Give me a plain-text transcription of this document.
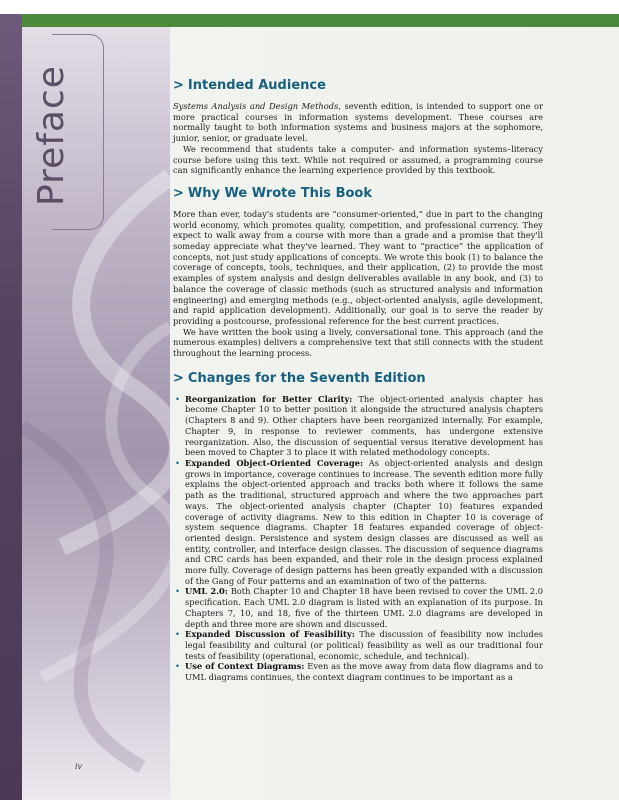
Preface
iv
> Intended Audience

Systems Analysis and Design Methods, seventh edition, is intended to support one or more practical courses in information systems development. These courses are normally taught to both information systems and business majors at the sophomore, junior, senior, or graduate level.

We recommend that students take a computer- and information systems–literacy course before using this text. While not required or assumed, a programming course can significantly enhance the learning experience provided by this textbook.

> Why We Wrote This Book

More than ever, today's students are “consumer-oriented,” due in part to the changing world economy, which promotes quality, competition, and professional currency. They expect to walk away from a course with more than a grade and a promise that they'll someday appreciate what they've learned. They want to “practice” the application of concepts, not just study applications of concepts. We wrote this book (1) to balance the coverage of concepts, tools, techniques, and their application, (2) to provide the most examples of system analysis and design deliverables available in any book, and (3) to balance the coverage of classic methods (such as structured analysis and information engineering) and emerging methods (e.g., object-oriented analysis, agile development, and rapid application development). Additionally, our goal is to serve the reader by providing a postcourse, professional reference for the best current practices.

We have written the book using a lively, conversational tone. This approach (and the numerous examples) delivers a comprehensive text that still connects with the student throughout the learning process.

> Changes for the Seventh Edition
• Reorganization for Better Clarity: The object-oriented analysis chapter has become Chapter 10 to better position it alongside the structured analysis chapters (Chapters 8 and 9). Other chapters have been reorganized internally. For example, Chapter 9, in response to reviewer comments, has undergone extensive reorganization. Also, the discussion of sequential versus iterative development has been moved to Chapter 3 to place it with related methodology concepts.
• Expanded Object-Oriented Coverage: As object-oriented analysis and design grows in importance, coverage continues to increase. The seventh edition more fully explains the object-oriented approach and tracks both where it follows the same path as the traditional, structured approach and where the two approaches part ways. The object-oriented analysis chapter (Chapter 10) features expanded coverage of activity diagrams. New to this edition in Chapter 10 is coverage of system sequence diagrams. Chapter 18 features expanded coverage of object-oriented design. Persistence and system design classes are discussed as well as entity, controller, and interface design classes. The discussion of sequence diagrams and CRC cards has been expanded, and their role in the design process explained more fully. Coverage of design patterns has been greatly expanded with a discussion of the Gang of Four patterns and an examination of two of the patterns.
• UML 2.0: Both Chapter 10 and Chapter 18 have been revised to cover the UML 2.0 specification. Each UML 2.0 diagram is listed with an explanation of its purpose. In Chapters 7, 10, and 18, five of the thirteen UML 2.0 diagrams are developed in depth and three more are shown and discussed.
• Expanded Discussion of Feasibility: The discussion of feasibility now includes legal feasibility and cultural (or political) feasibility as well as our traditional four tests of feasibility (operational, economic, schedule, and technical).
• Use of Context Diagrams: Even as the move away from data flow diagrams and to UML diagrams continues, the context diagram continues to be important as a
